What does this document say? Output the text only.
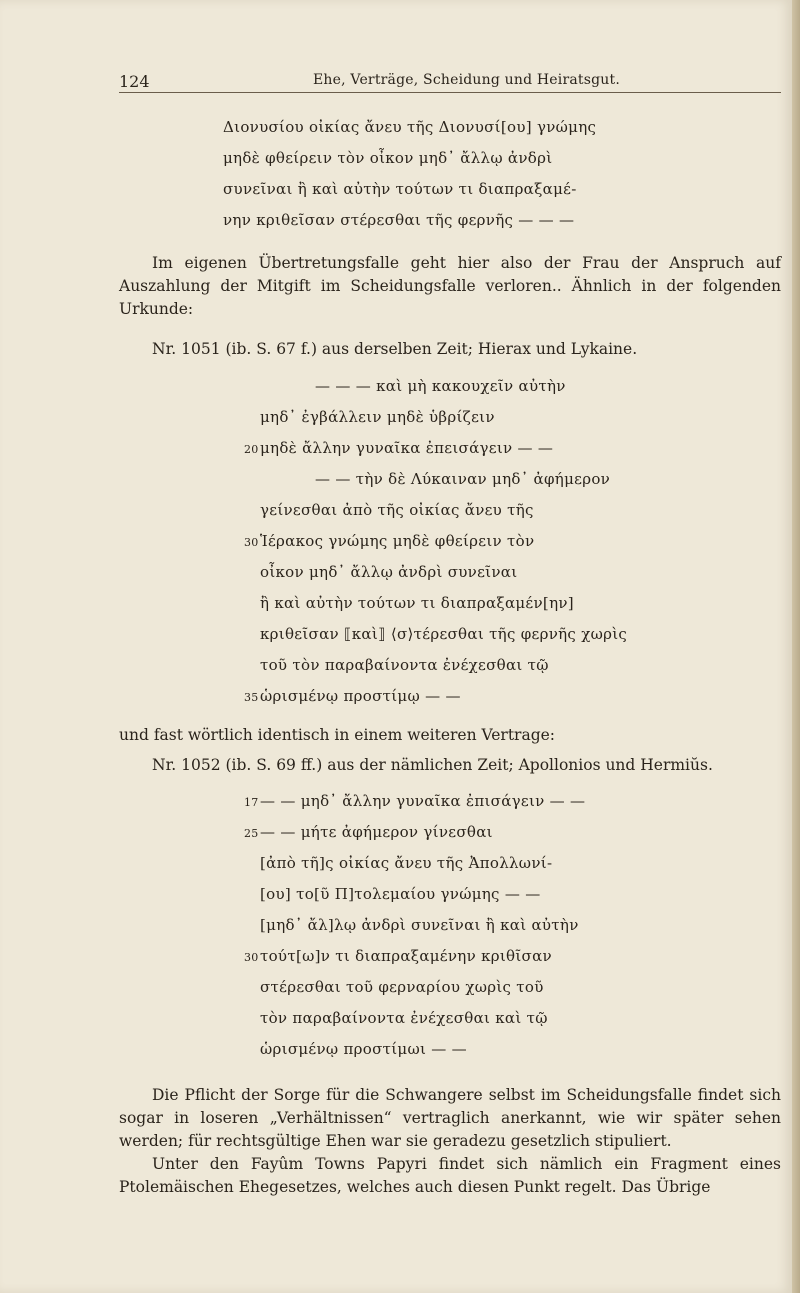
124	Ehe, Verträge, Scheidung und Heiratsgut.
Διονυσίου οἰκίας ἄνευ τῆς Διονυσί[ου] γνώμης
μηδὲ φθείρειν τὸν οἶκον μηδ᾽ ἄλλῳ ἀνδρὶ
συνεῖναι ἢ καὶ αὐτὴν τούτων τι διαπραξαμέ-
νην κριθεῖσαν στέρεσθαι τῆς φερνῆς — — —

Im eigenen Übertretungsfalle geht hier also der Frau der Anspruch auf Auszahlung der Mitgift im Scheidungsfalle verloren.. Ähnlich in der folgenden Urkunde:

Nr. 1051 (ib. S. 67 f.) aus derselben Zeit; Hierax und Lykaine.
— — — καὶ μὴ κακουχεῖν αὐτὴν
μηδ᾽ ἐγβάλλειν μηδὲ ὑβρίζειν
μηδὲ ἄλλην γυναῖκα ἐπεισάγειν — —
— — τὴν δὲ Λύκαιναν μηδ᾽ ἀφήμερον
γείνεσθαι ἀπὸ τῆς οἰκίας ἄνευ τῆς
Ἱέρακος γνώμης μηδὲ φθείρειν τὸν
οἶκον μηδ᾽ ἄλλῳ ἀνδρὶ συνεῖναι
ἢ καὶ αὐτὴν τούτων τι διαπραξαμέν[ην]
κριθεῖσαν ⟦καὶ⟧ ⟨σ⟩τέρεσθαι τῆς φερνῆς χωρὶς
τοῦ τὸν παραβαίνοντα ἐνέχεσθαι τῷ
ὡρισμένῳ προστίμῳ — —
20
30
35

und fast wörtlich identisch in einem weiteren Vertrage:

Nr. 1052 (ib. S. 69 ff.) aus der nämlichen Zeit; Apollonios und Hermiŭs.
— — μηδ᾽ ἄλλην γυναῖκα ἐπισάγειν — —
— — μήτε ἀφήμερον γίνεσθαι
[ἀπὸ τῆ]ς οἰκίας ἄνευ τῆς Ἀπολλωνί-
[ου] το[ῦ Π]τολεμαίου γνώμης — —
[μηδ᾽ ἄλ]λῳ ἀνδρὶ συνεῖναι ἢ καὶ αὐτὴν
τούτ[ω]ν τι διαπραξαμένην κριθῖσαν
στέρεσθαι τοῦ φερναρίου χωρὶς τοῦ
τὸν παραβαίνοντα ἐνέχεσθαι καὶ τῷ
ὡρισμένῳ προστίμωι — —
17
25
30

Die Pflicht der Sorge für die Schwangere selbst im Scheidungsfalle findet sich sogar in loseren „Verhältnissen“ vertraglich anerkannt, wie wir später sehen werden; für rechtsgültige Ehen war sie geradezu gesetzlich stipuliert.

Unter den Fayûm Towns Papyri findet sich nämlich ein Fragment eines Ptolemäischen Ehegesetzes, welches auch diesen Punkt regelt. Das Übrige
